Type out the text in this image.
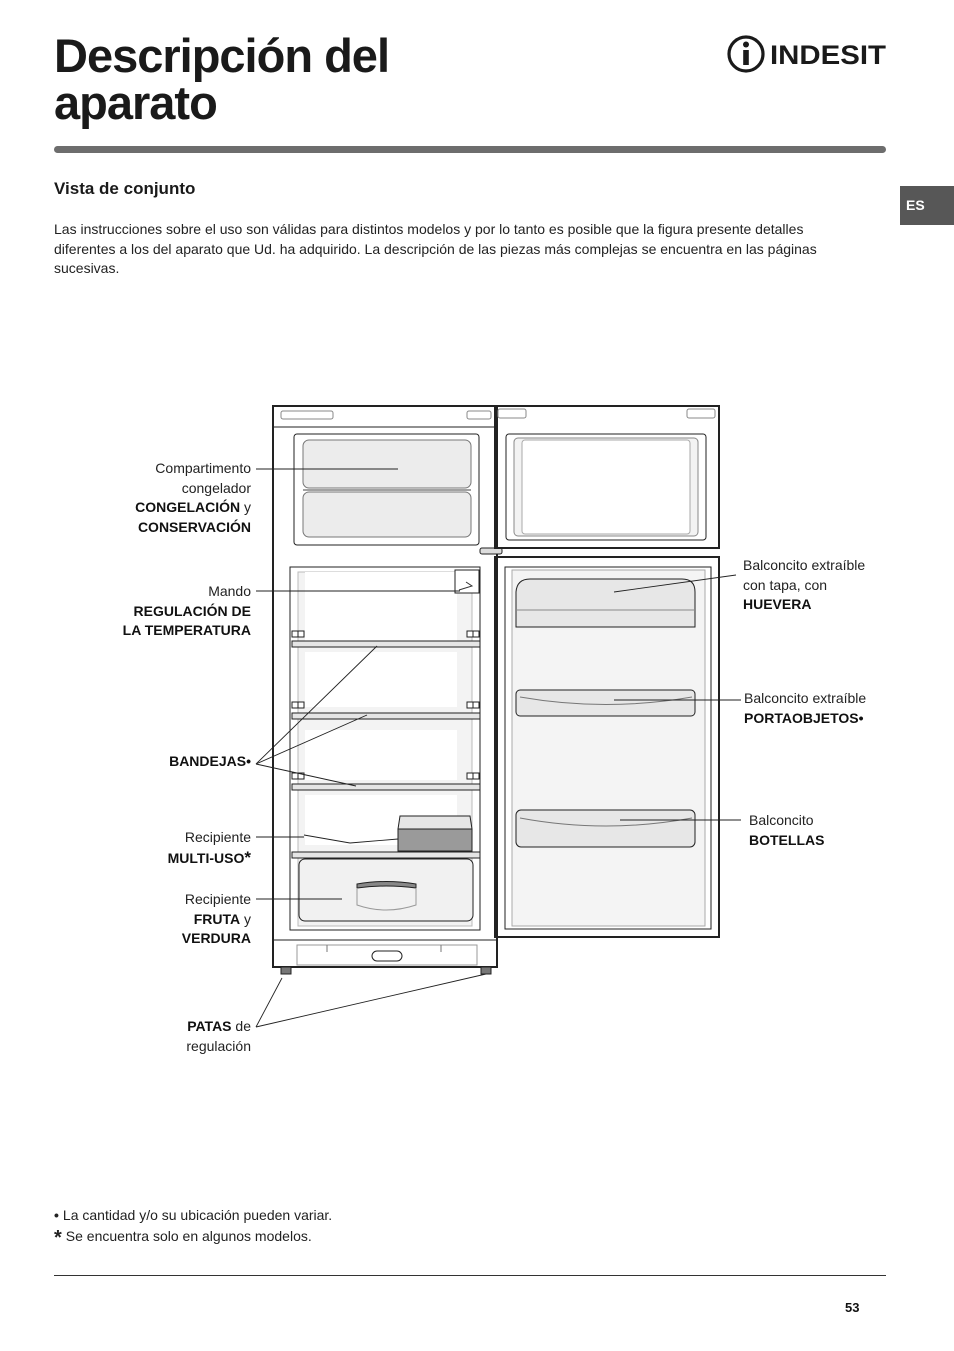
Descripción del
aparato
INDESIT
ES
Vista de conjunto

Las instrucciones sobre el uso son válidas para distintos modelos y por lo tanto es posible que la figura presente detalles diferentes a los del aparato que Ud. ha adquirido. La descripción de las piezas más complejas se encuentra en las páginas sucesivas.

Compartimento
congelador
CONGELACIÓN y
CONSERVACIÓN
Mando
REGULACIÓN DE
LA TEMPERATURA
BANDEJAS•
Recipiente
MULTI-USO*
Recipiente
FRUTA y
VERDURA
PATAS de
regulación
Balconcito extraíble
con tapa, con
HUEVERA
Balconcito extraíble
PORTAOBJETOS•
Balconcito
BOTELLAS
• La cantidad y/o su ubicación pueden variar.
* Se encuentra solo en algunos modelos.
53
